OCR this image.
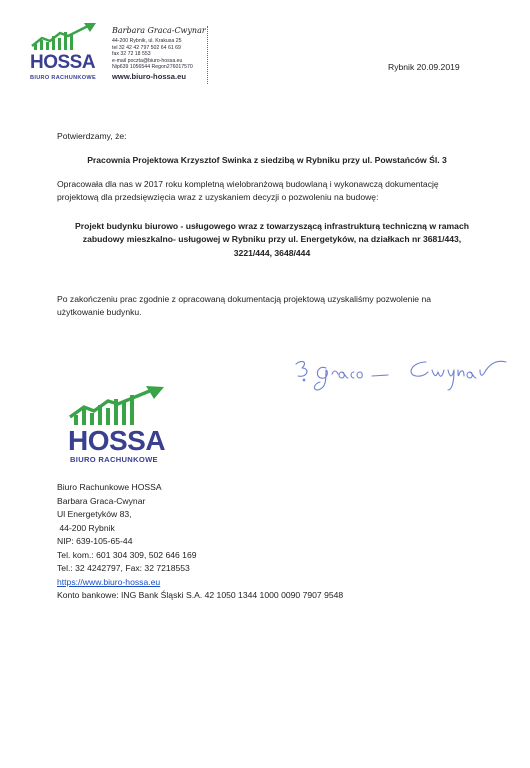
HOSSA
BIURO RACHUNKOWE
Barbara Graca-Cwynar
44-200 Rybnik, ul. Krakusa 25
tel 32 42 42 797 502 64 61 69
fax 32 72 18 553
e-mail poczta@biuro-hossa.eu
Nip639 1056544 Regon276017570
www.biuro-hossa.eu
Rybnik 20.09.2019
Potwierdzamy, że:
Pracownia Projektowa Krzysztof Swinka z siedzibą w Rybniku przy ul. Powstańców Śl. 3
Opracowała dla nas w 2017 roku kompletną wielobranżową budowlaną i wykonawczą dokumentację
projektową dla przedsięwzięcia wraz z uzyskaniem decyzji o pozwoleniu na budowę:
Projekt budynku biurowo - usługowego wraz z towarzyszącą infrastrukturą techniczną w ramach
zabudowy mieszkalno- usługowej w Rybniku przy ul. Energetyków, na działkach nr 3681/443,
3221/444, 3648/444
Po zakończeniu prac zgodnie z opracowaną dokumentacją projektową uzyskaliśmy pozwolenie na
użytkowanie budynku.
HOSSA
BIURO RACHUNKOWE
Biuro Rachunkowe HOSSA
Barbara Graca-Cwynar
Ul Energetyków 83,
44-200 Rybnik
NIP: 639-105-65-44
Tel. kom.: 601 304 309, 502 646 169
Tel.: 32 4242797, Fax: 32 7218553
https://www.biuro-hossa.eu
Konto bankowe: ING Bank Śląski S.A. 42 1050 1344 1000 0090 7907 9548
